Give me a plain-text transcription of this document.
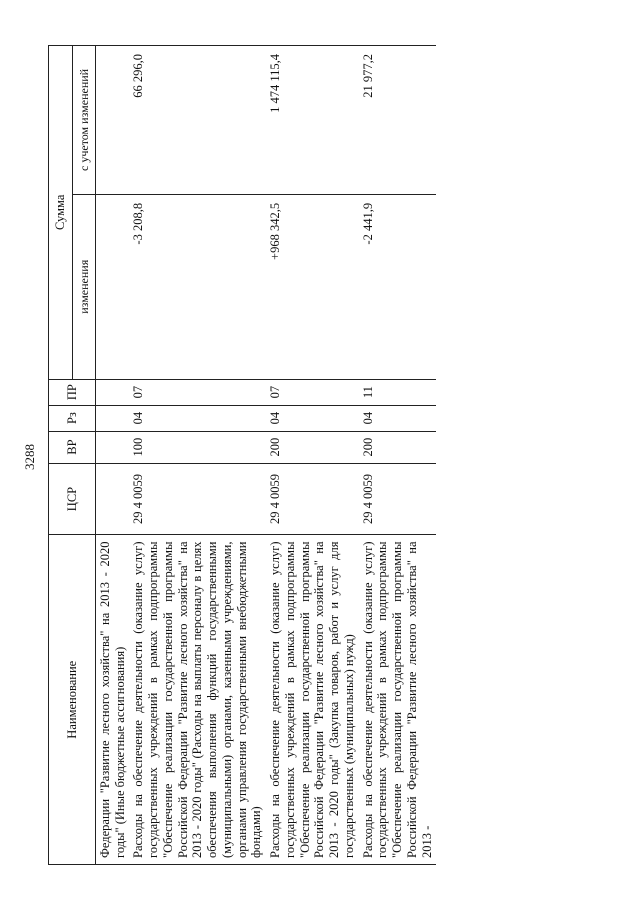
3288
Наименование	ЦСР	ВР	Рз	ПР	Сумма	
					изменения	с учетом изменений
Федерации "Развитие лесного хозяйства" на 2013 - 2020 годы" (Иные бюджетные ассигнования)						
Расходы на обеспечение деятельности (оказание услуг) государственных учреждений в рамках подпрограммы "Обеспечение реализации государственной программы Российской Федерации "Развитие лесного хозяйства" на 2013 - 2020 годы" (Расходы на выплаты персоналу в целях обеспечения выполнения функций государственными (муниципальными) органами, казенными учреждениями, органами управления государственными внебюджетными фондами)	29 4 0059	100	04	07	-3 208,8	66 296,0
Расходы на обеспечение деятельности (оказание услуг) государственных учреждений в рамках подпрограммы "Обеспечение реализации государственной программы Российской Федерации "Развитие лесного хозяйства" на 2013 - 2020 годы" (Закупка товаров, работ и услуг для государственных (муниципальных) нужд)	29 4 0059	200	04	07	+968 342,5	1 474 115,4
Расходы на обеспечение деятельности (оказание услуг) государственных учреждений в рамках подпрограммы "Обеспечение реализации государственной программы Российской Федерации "Развитие лесного хозяйства" на 2013 -	29 4 0059	200	04	11	-2 441,9	21 977,2
